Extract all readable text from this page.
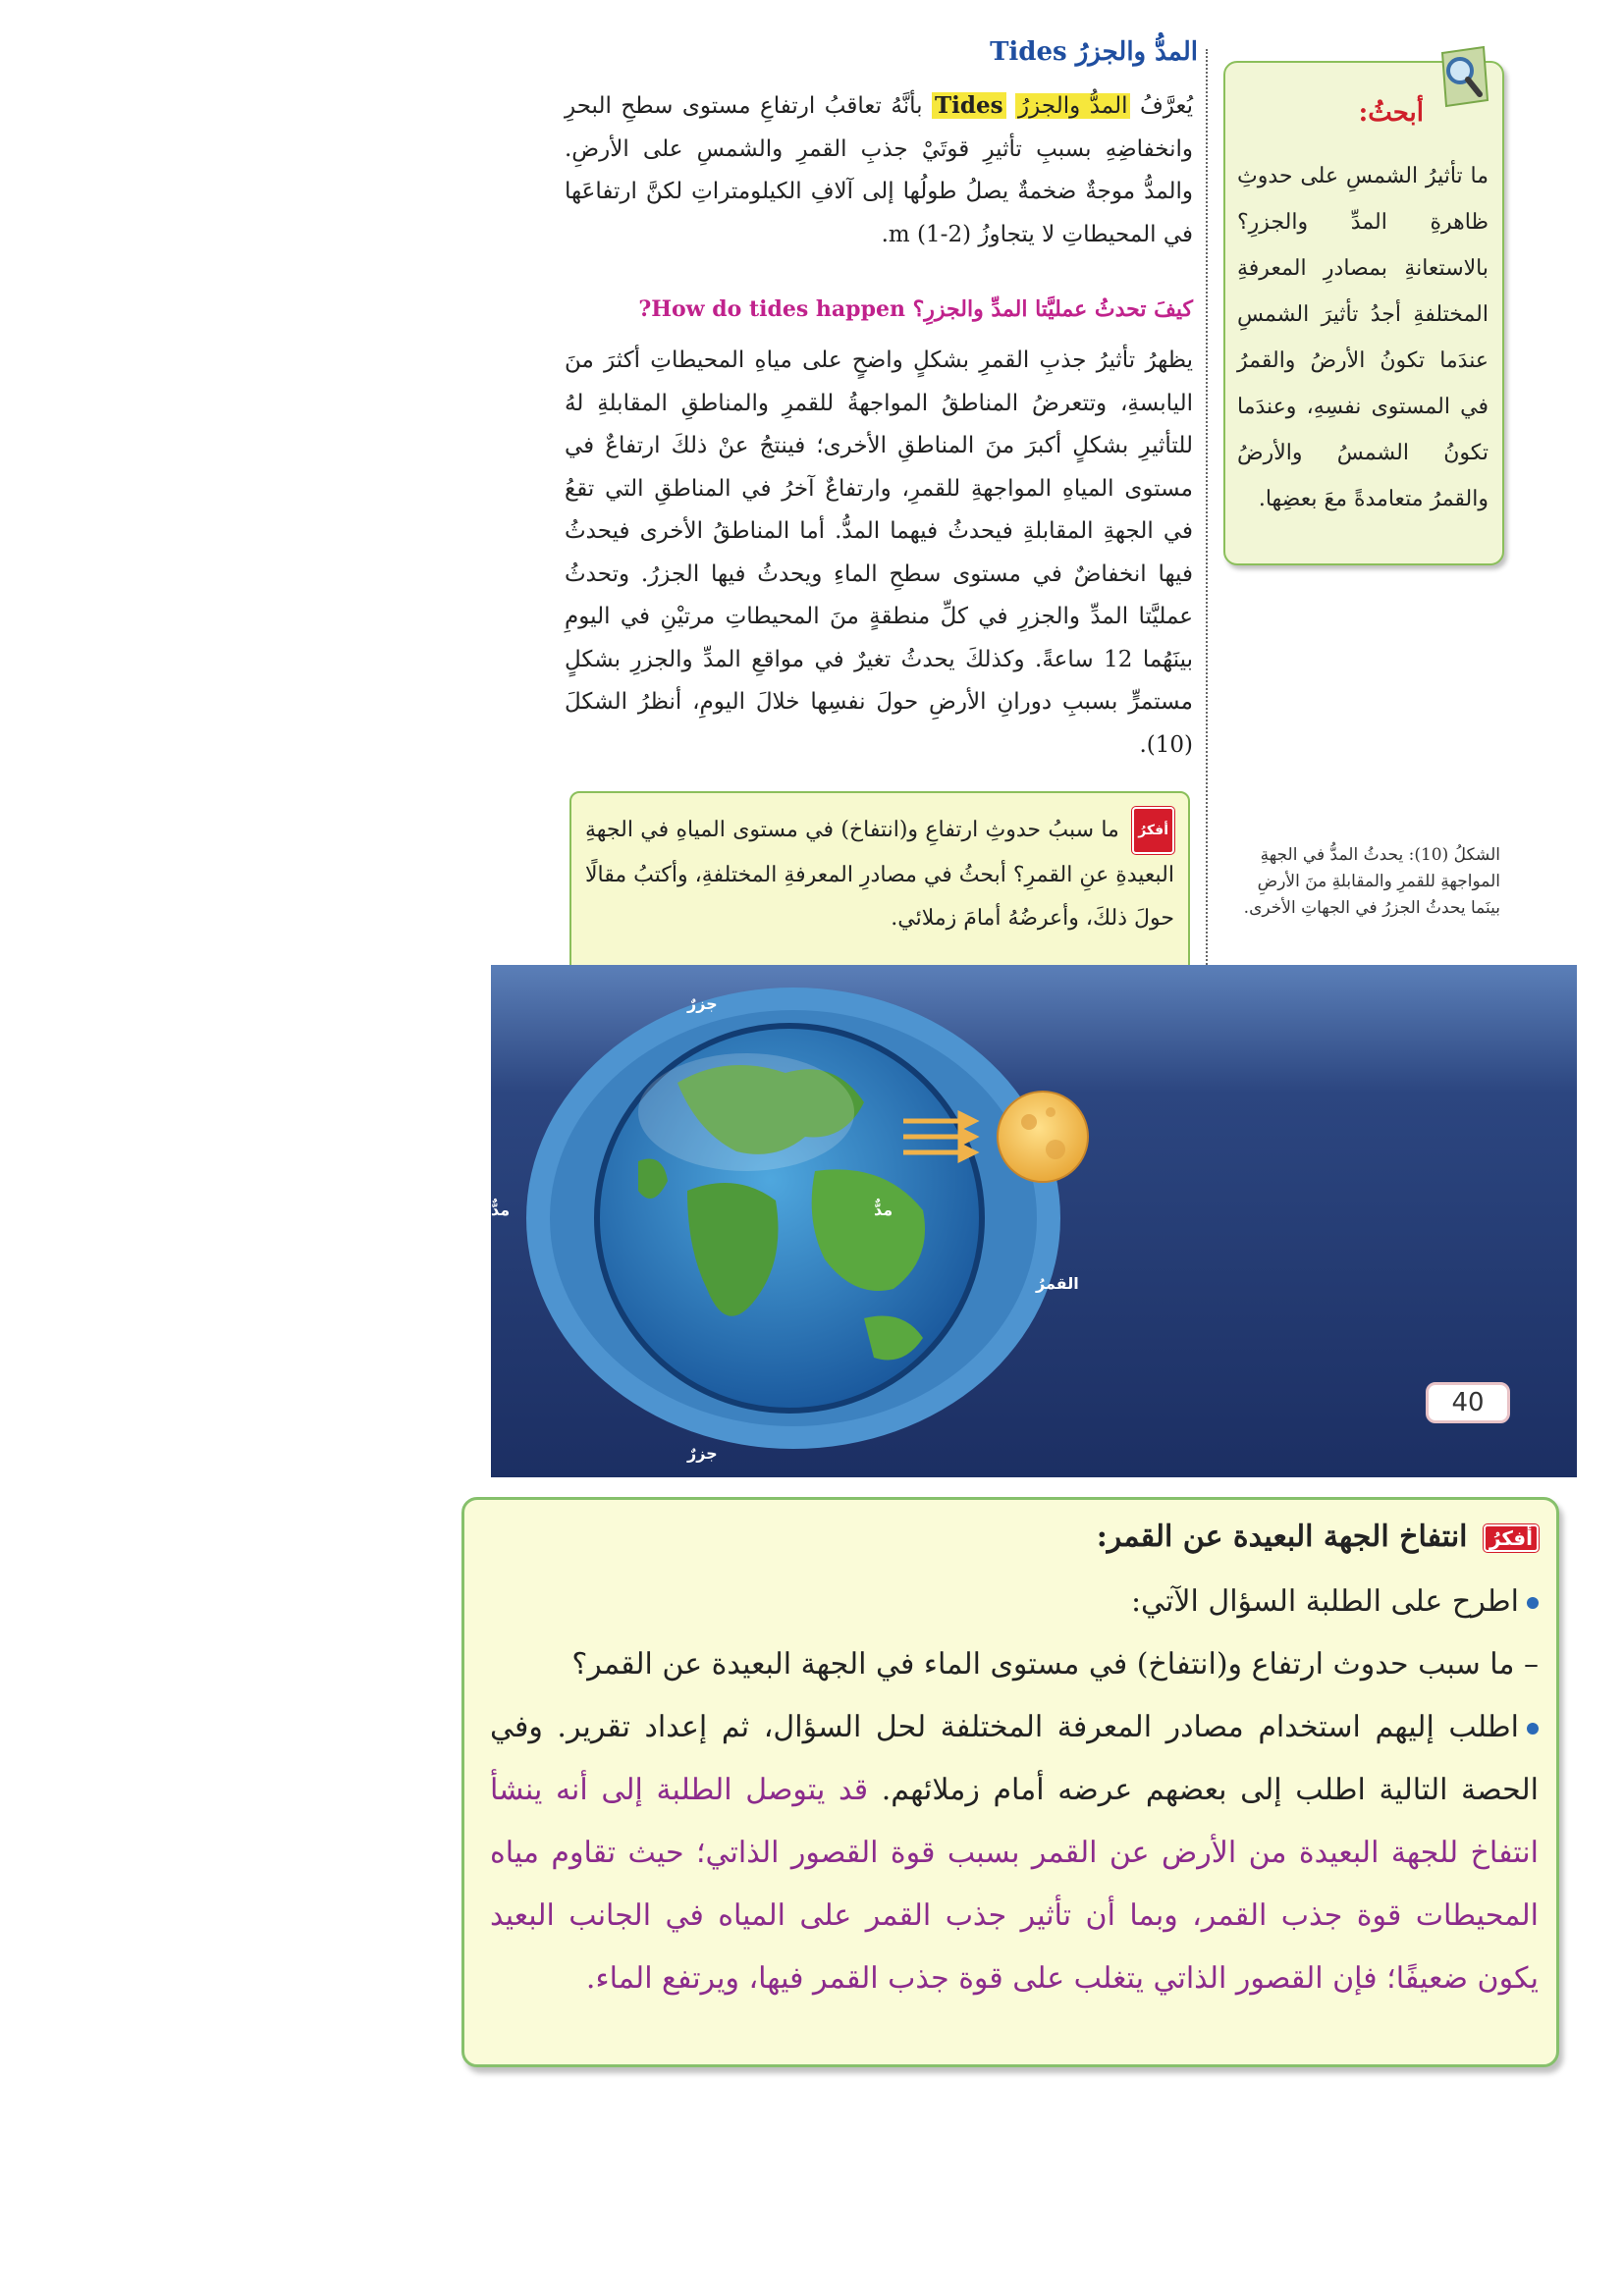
المدُّ والجزرُ Tides
يُعرَّفُ المدُّ والجزرُ Tides بأنَّهُ تعاقبُ ارتفاعِ مستوى سطحِ البحرِ وانخفاضِهِ بسببِ تأثيرِ قوتَيْ جذبِ القمرِ والشمسِ على الأرضِ. والمدُّ موجةٌ ضخمةٌ يصلُ طولُها إلى آلافِ الكيلومتراتِ لكنَّ ارتفاعَها في المحيطاتِ لا يتجاوزُ (2-1) m.
كيفَ تحدثُ عمليَّتا المدِّ والجزرِ؟ How do tides happen?
يظهرُ تأثيرُ جذبِ القمرِ بشكلٍ واضحٍ على مياهِ المحيطاتِ أكثرَ منَ اليابسةِ، وتتعرضُ المناطقُ المواجهةُ للقمرِ والمناطقِ المقابلةِ لهُ للتأثيرِ بشكلٍ أكبرَ منَ المناطقِ الأخرى؛ فينتجُ عنْ ذلكَ ارتفاعٌ في مستوى المياهِ المواجهةِ للقمرِ، وارتفاعٌ آخرُ في المناطقِ التي تقعُ في الجهةِ المقابلةِ فيحدثُ فيهما المدُّ. أما المناطقُ الأخرى فيحدثُ فيها انخفاضٌ في مستوى سطحِ الماءِ ويحدثُ فيها الجزرُ. وتحدثُ عمليَّتا المدِّ والجزرِ في كلِّ منطقةٍ منَ المحيطاتِ مرتيْنِ في اليومِ بينَهُما 12 ساعةً. وكذلكَ يحدثُ تغيرٌ في مواقعِ المدِّ والجزرِ بشكلٍ مستمرٍّ بسببِ دورانِ الأرضِ حولَ نفسِها خلالَ اليومِ، أنظرُ الشكلَ (10).
أبحثُ:
ما تأثيرُ الشمسِ على حدوثِ ظاهرةِ المدِّ والجزرِ؟ بالاستعانةِ بمصادرِ المعرفةِ المختلفةِ أجدُ تأثيرَ الشمسِ عندَما تكونُ الأرضُ والقمرُ في المستوى نفسِهِ، وعندَما تكونُ الشمسُ والأرضُ والقمرُ متعامدةً معَ بعضِها.
الشكلُ (10): يحدثُ المدُّ في الجهةِ المواجهةِ للقمرِ والمقابلةِ منَ الأرضِ بينَما يحدثُ الجزرُ في الجهاتِ الأخرى.
أفكرُ ما سببُ حدوثِ ارتفاعِ و(انتفاخ) في مستوى المياهِ في الجهةِ البعيدةِ عنِ القمرِ؟ أبحثُ في مصادرِ المعرفةِ المختلفةِ، وأكتبُ مقالًا حولَ ذلكَ، وأعرضُهُ أمامَ زملائي.
جزرٌ
جزرٌ
مدٌّ	مدٌّ
القمرُ
40
أفكرُ انتفاخ الجهة البعيدة عن القمر:
اطرح على الطلبة السؤال الآتي:
– ما سبب حدوث ارتفاع و(انتفاخ) في مستوى الماء في الجهة البعيدة عن القمر؟
اطلب إليهم استخدام مصادر المعرفة المختلفة لحل السؤال، ثم إعداد تقرير. وفي الحصة التالية اطلب إلى بعضهم عرضه أمام زملائهم. قد يتوصل الطلبة إلى أنه ينشأ انتفاخ للجهة البعيدة من الأرض عن القمر بسبب قوة القصور الذاتي؛ حيث تقاوم مياه المحيطات قوة جذب القمر، وبما أن تأثير جذب القمر على المياه في الجانب البعيد يكون ضعيفًا؛ فإن القصور الذاتي يتغلب على قوة جذب القمر فيها، ويرتفع الماء.
